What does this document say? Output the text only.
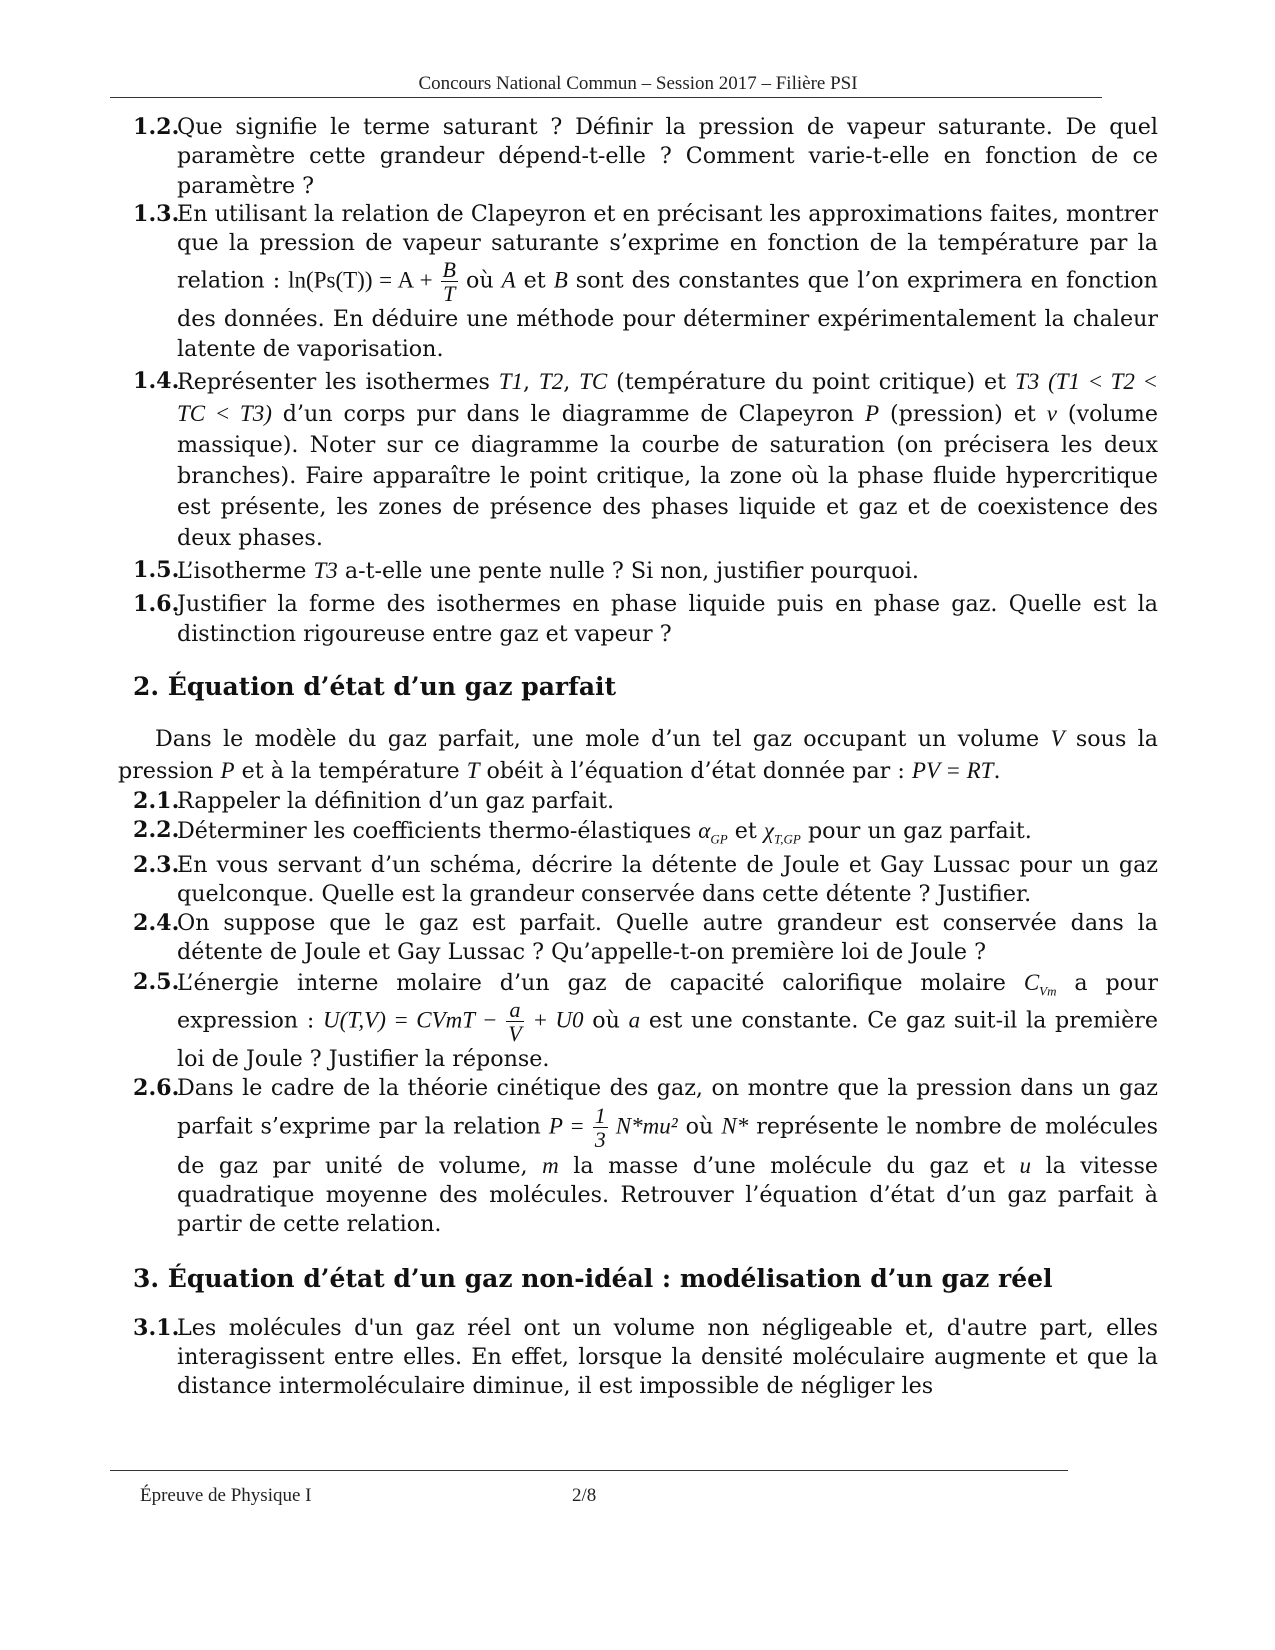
Concours National Commun – Session 2017 – Filière PSI
1.2.
Que signifie le terme saturant ? Définir la pression de vapeur saturante. De quel paramètre cette grandeur dépend-t-elle ? Comment varie-t-elle en fonction de ce paramètre ?
1.3.
En utilisant la relation de Clapeyron et en précisant les approximations faites, montrer que la pression de vapeur saturante s’exprime en fonction de la température par la relation : $\ln(Ps(T)) = A + \frac{B}{T}$ où A et B sont des constantes que l’on exprimera en fonction des données. En déduire une méthode pour déterminer expérimentalement la chaleur latente de vaporisation.
1.4.
Représenter les isothermes T1, T2, TC (température du point critique) et T3 (T1 < T2 < TC < T3) d’un corps pur dans le diagramme de Clapeyron P (pression) et v (volume massique). Noter sur ce diagramme la courbe de saturation (on précisera les deux branches). Faire apparaître le point critique, la zone où la phase fluide hypercritique est présente, les zones de présence des phases liquide et gaz et de coexistence des deux phases.
1.5.
L’isotherme T3 a-t-elle une pente nulle ? Si non, justifier pourquoi.
1.6.
Justifier la forme des isothermes en phase liquide puis en phase gaz. Quelle est la distinction rigoureuse entre gaz et vapeur ?
2. Équation d’état d’un gaz parfait

Dans le modèle du gaz parfait, une mole d’un tel gaz occupant un volume V sous la pression P et à la température T obéit à l’équation d’état donnée par : PV = RT.

2.1.
Rappeler la définition d’un gaz parfait.
2.2.
Déterminer les coefficients thermo-élastiques $\alpha_{GP}$ et $\chi_{T,GP}$ pour un gaz parfait.
2.3.
En vous servant d’un schéma, décrire la détente de Joule et Gay Lussac pour un gaz quelconque. Quelle est la grandeur conservée dans cette détente ? Justifier.
2.4.
On suppose que le gaz est parfait. Quelle autre grandeur est conservée dans la détente de Joule et Gay Lussac ? Qu’appelle-t-on première loi de Joule ?
2.5.
L’énergie interne molaire d’un gaz de capacité calorifique molaire $C_{Vm}$ a pour expression : U(T,V) = CVmT − $\frac{a}{V} + U0$ où a est une constante. Ce gaz suit-il la première loi de Joule ? Justifier la réponse.
2.6.
Dans le cadre de la théorie cinétique des gaz, on montre que la pression dans un gaz parfait s’exprime par la relation $P = \frac{1}{3} N*mu^2$ où N* représente le nombre de molécules de gaz par unité de volume, m la masse d’une molécule du gaz et u la vitesse quadratique moyenne des molécules. Retrouver l’équation d’état d’un gaz parfait à partir de cette relation.
3. Équation d’état d’un gaz non-idéal : modélisation d’un gaz réel
3.1.
Les molécules d'un gaz réel ont un volume non négligeable et, d'autre part, elles interagissent entre elles. En effet, lorsque la densité moléculaire augmente et que la distance intermoléculaire diminue, il est impossible de négliger les
Épreuve de Physique I	2/8
